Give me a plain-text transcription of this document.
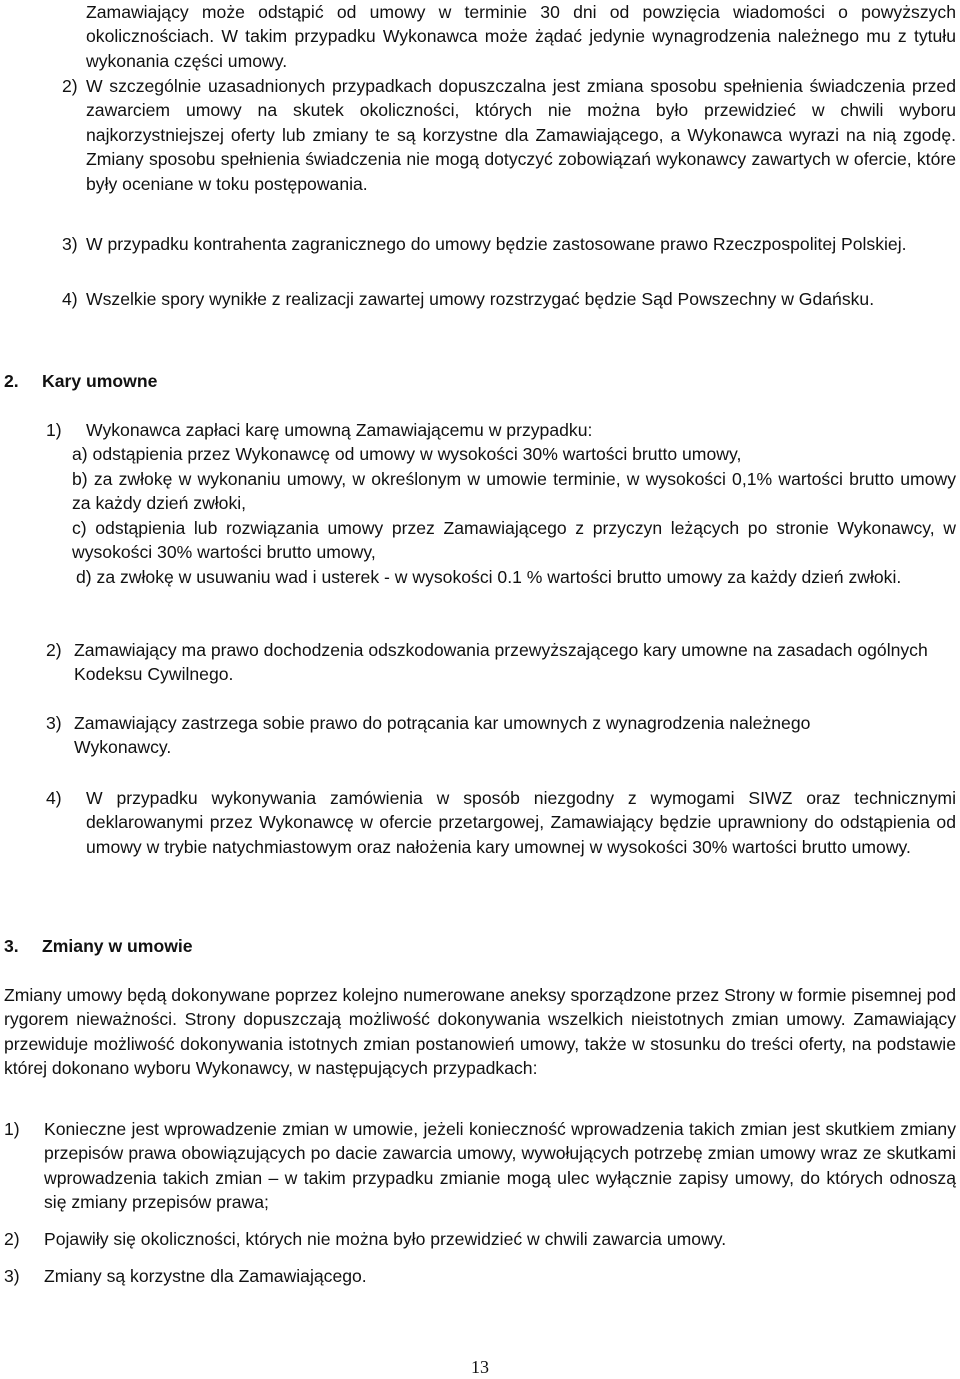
Zamawiający może odstąpić od umowy w terminie 30 dni od powzięcia wiadomości o powyższych okolicznościach. W takim przypadku Wykonawca może żądać jedynie wynagrodzenia należnego mu z tytułu wykonania części umowy.
2) W szczególnie uzasadnionych przypadkach dopuszczalna jest zmiana sposobu spełnienia świadczenia przed zawarciem umowy na skutek okoliczności, których nie można było przewidzieć w chwili wyboru najkorzystniejszej oferty lub zmiany te są korzystne dla Zamawiającego, a Wykonawca wyrazi na nią zgodę. Zmiany sposobu spełnienia świadczenia nie mogą dotyczyć zobowiązań wykonawcy zawartych w ofercie, które były oceniane w toku postępowania.
3) W przypadku kontrahenta zagranicznego do umowy będzie zastosowane prawo Rzeczpospolitej Polskiej.
4) Wszelkie spory wynikłe z realizacji zawartej umowy rozstrzygać będzie Sąd Powszechny w Gdańsku.
2. Kary umowne
1) Wykonawca zapłaci karę umowną Zamawiającemu w przypadku:
a) odstąpienia przez Wykonawcę od umowy w wysokości 30% wartości brutto umowy,
b) za zwłokę w wykonaniu umowy, w określonym w umowie terminie, w wysokości 0,1% wartości brutto umowy za każdy dzień zwłoki,
c) odstąpienia lub rozwiązania umowy przez Zamawiającego z przyczyn leżących po stronie Wykonawcy, w wysokości 30% wartości brutto umowy,
d) za zwłokę w usuwaniu wad i usterek - w wysokości 0.1 % wartości brutto umowy za każdy dzień zwłoki.
2) Zamawiający ma prawo dochodzenia odszkodowania przewyższającego kary umowne na zasadach ogólnych Kodeksu Cywilnego.
3) Zamawiający zastrzega sobie prawo do potrącania kar umownych z wynagrodzenia należnego Wykonawcy.
4) W przypadku wykonywania zamówienia w sposób niezgodny z wymogami SIWZ oraz technicznymi deklarowanymi przez Wykonawcę w ofercie przetargowej, Zamawiający będzie uprawniony do odstąpienia od umowy w trybie natychmiastowym oraz nałożenia kary umownej w wysokości 30% wartości brutto umowy.
3. Zmiany w umowie
Zmiany umowy będą dokonywane poprzez kolejno numerowane aneksy sporządzone przez Strony w formie pisemnej pod rygorem nieważności. Strony dopuszczają możliwość dokonywania wszelkich nieistotnych zmian umowy. Zamawiający przewiduje możliwość dokonywania istotnych zmian postanowień umowy, także w stosunku do treści oferty, na podstawie której dokonano wyboru Wykonawcy, w następujących przypadkach:
1) Konieczne jest wprowadzenie zmian w umowie, jeżeli konieczność wprowadzenia takich zmian jest skutkiem zmiany przepisów prawa obowiązujących po dacie zawarcia umowy, wywołujących potrzebę zmian umowy wraz ze skutkami wprowadzenia takich zmian – w takim przypadku zmianie mogą ulec wyłącznie zapisy umowy, do których odnoszą się zmiany przepisów prawa;
2) Pojawiły się okoliczności, których nie można było przewidzieć w chwili zawarcia umowy.
3) Zmiany są korzystne dla Zamawiającego.
13
